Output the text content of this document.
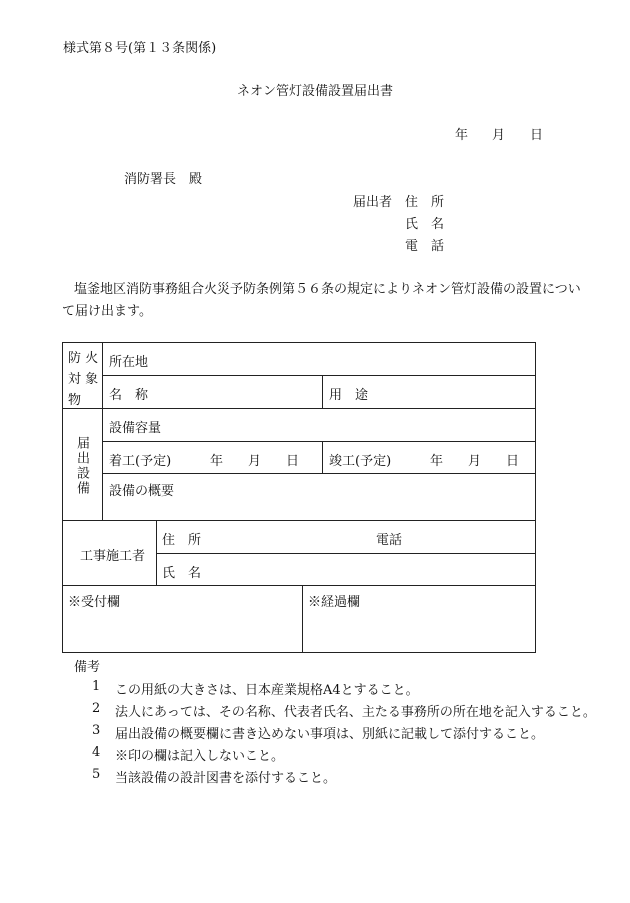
様式第８号(第１３条関係)
ネオン管灯設備設置届出書
年 月 日
消防署長　殿
届出者 住　所
氏　名
電　話
塩釜地区消防事務組合火災予防条例第５６条の規定によりネオン管灯設備の設置につい
て届け出ます。
防 火
対 象
物
所在地
名　称	用　途
届出設備
設備容量
着工(予定)	年 月 日 竣工(予定)	年 月 日
設備の概要
工事施工者
住　所	電話
氏　名
※受付欄	※経過欄
備考
1 この用紙の大きさは、日本産業規格A4とすること。
2 法人にあっては、その名称、代表者氏名、主たる事務所の所在地を記入すること。
3 届出設備の概要欄に書き込めない事項は、別紙に記載して添付すること。
4 ※印の欄は記入しないこと。
5 当該設備の設計図書を添付すること。
